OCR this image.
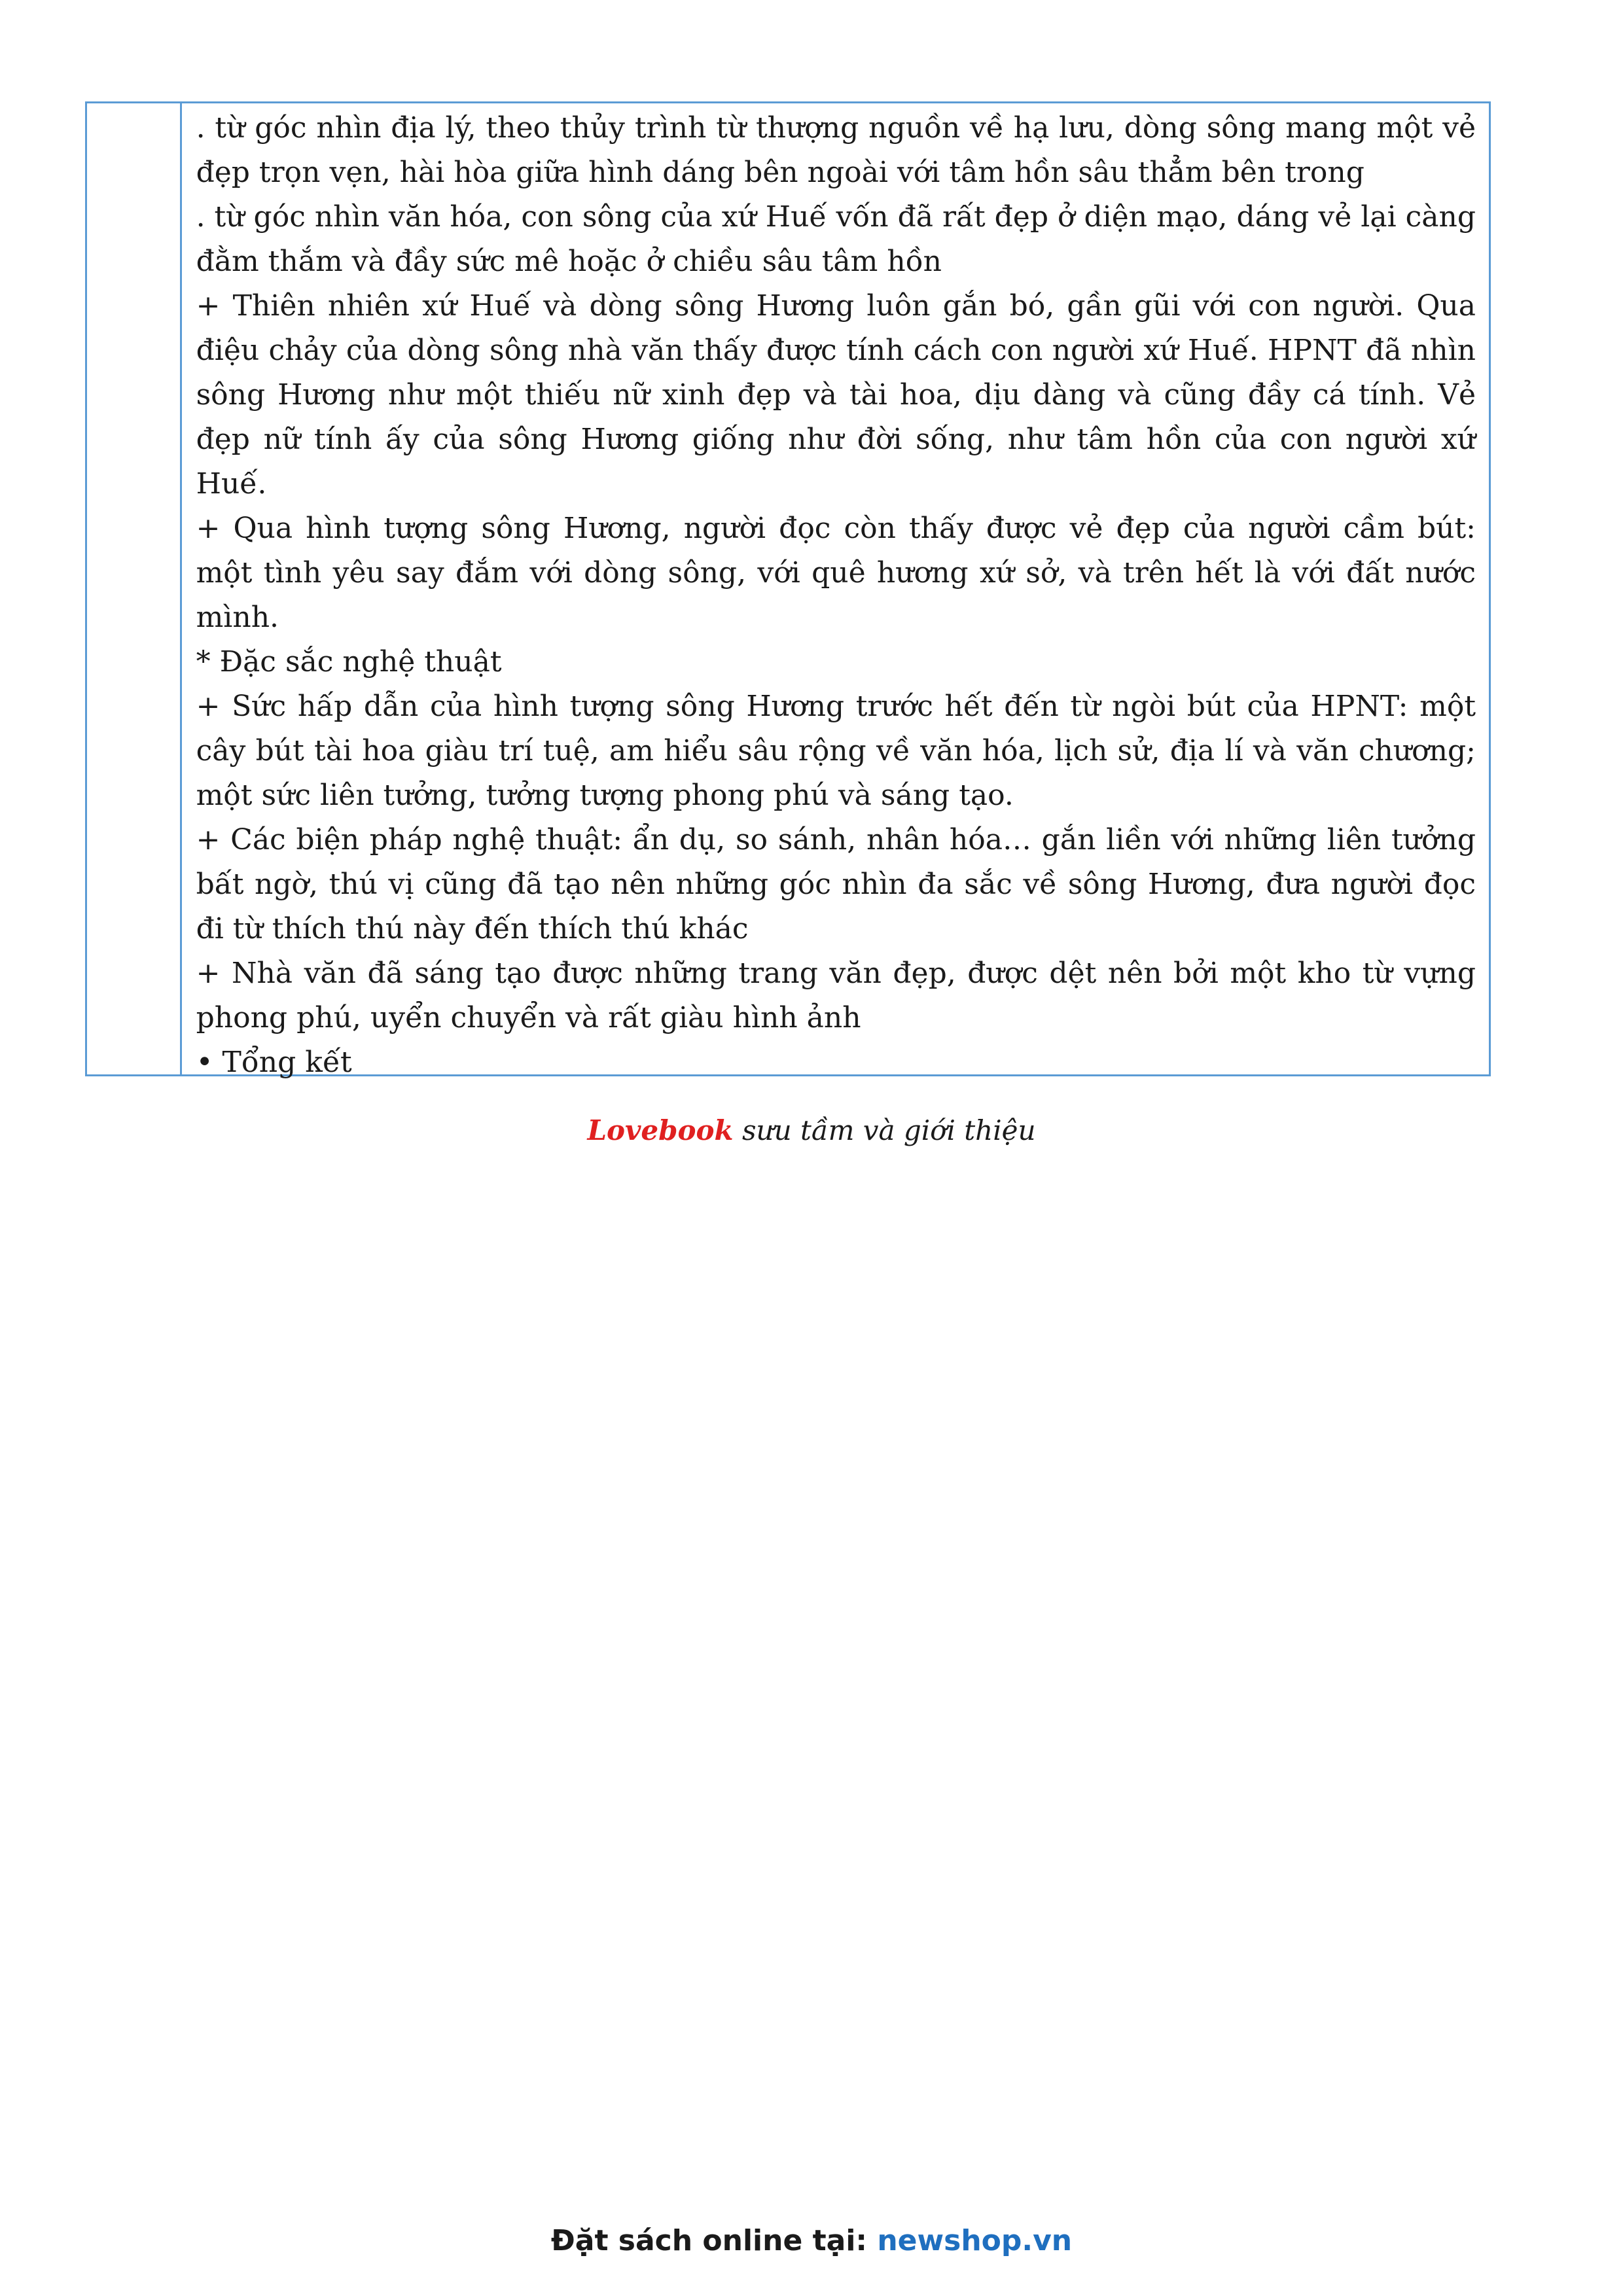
. từ góc nhìn địa lý, theo thủy trình từ thượng nguồn về hạ lưu, dòng sông mang một vẻ
đẹp trọn vẹn, hài hòa giữa hình dáng bên ngoài với tâm hồn sâu thẳm bên trong
. từ góc nhìn văn hóa, con sông của xứ Huế vốn đã rất đẹp ở diện mạo, dáng vẻ lại càng
đằm thắm và đầy sức mê hoặc ở chiều sâu tâm hồn
+ Thiên nhiên xứ Huế và dòng sông Hương luôn gắn bó, gần gũi với con người. Qua
điệu chảy của dòng sông nhà văn thấy được tính cách con người xứ Huế. HPNT đã nhìn
sông Hương như một thiếu nữ xinh đẹp và tài hoa, dịu dàng và cũng đầy cá tính. Vẻ
đẹp nữ tính ấy của sông Hương giống như đời sống, như tâm hồn của con người xứ
Huế.
+ Qua hình tượng sông Hương, người đọc còn thấy được vẻ đẹp của người cầm bút:
một tình yêu say đắm với dòng sông, với quê hương xứ sở, và trên hết là với đất nước
mình.
* Đặc sắc nghệ thuật
+ Sức hấp dẫn của hình tượng sông Hương trước hết đến từ ngòi bút của HPNT: một
cây bút tài hoa giàu trí tuệ, am hiểu sâu rộng về văn hóa, lịch sử, địa lí và văn chương;
một sức liên tưởng, tưởng tượng phong phú và sáng tạo.
+ Các biện pháp nghệ thuật: ẩn dụ, so sánh, nhân hóa… gắn liền với những liên tưởng
bất ngờ, thú vị cũng đã tạo nên những góc nhìn đa sắc về sông Hương, đưa người đọc
đi từ thích thú này đến thích thú khác
+ Nhà văn đã sáng tạo được những trang văn đẹp, được dệt nên bởi một kho từ vựng
phong phú, uyển chuyển và rất giàu hình ảnh
• Tổng kết
Lovebook sưu tầm và giới thiệu
Đặt sách online tại: newshop.vn
